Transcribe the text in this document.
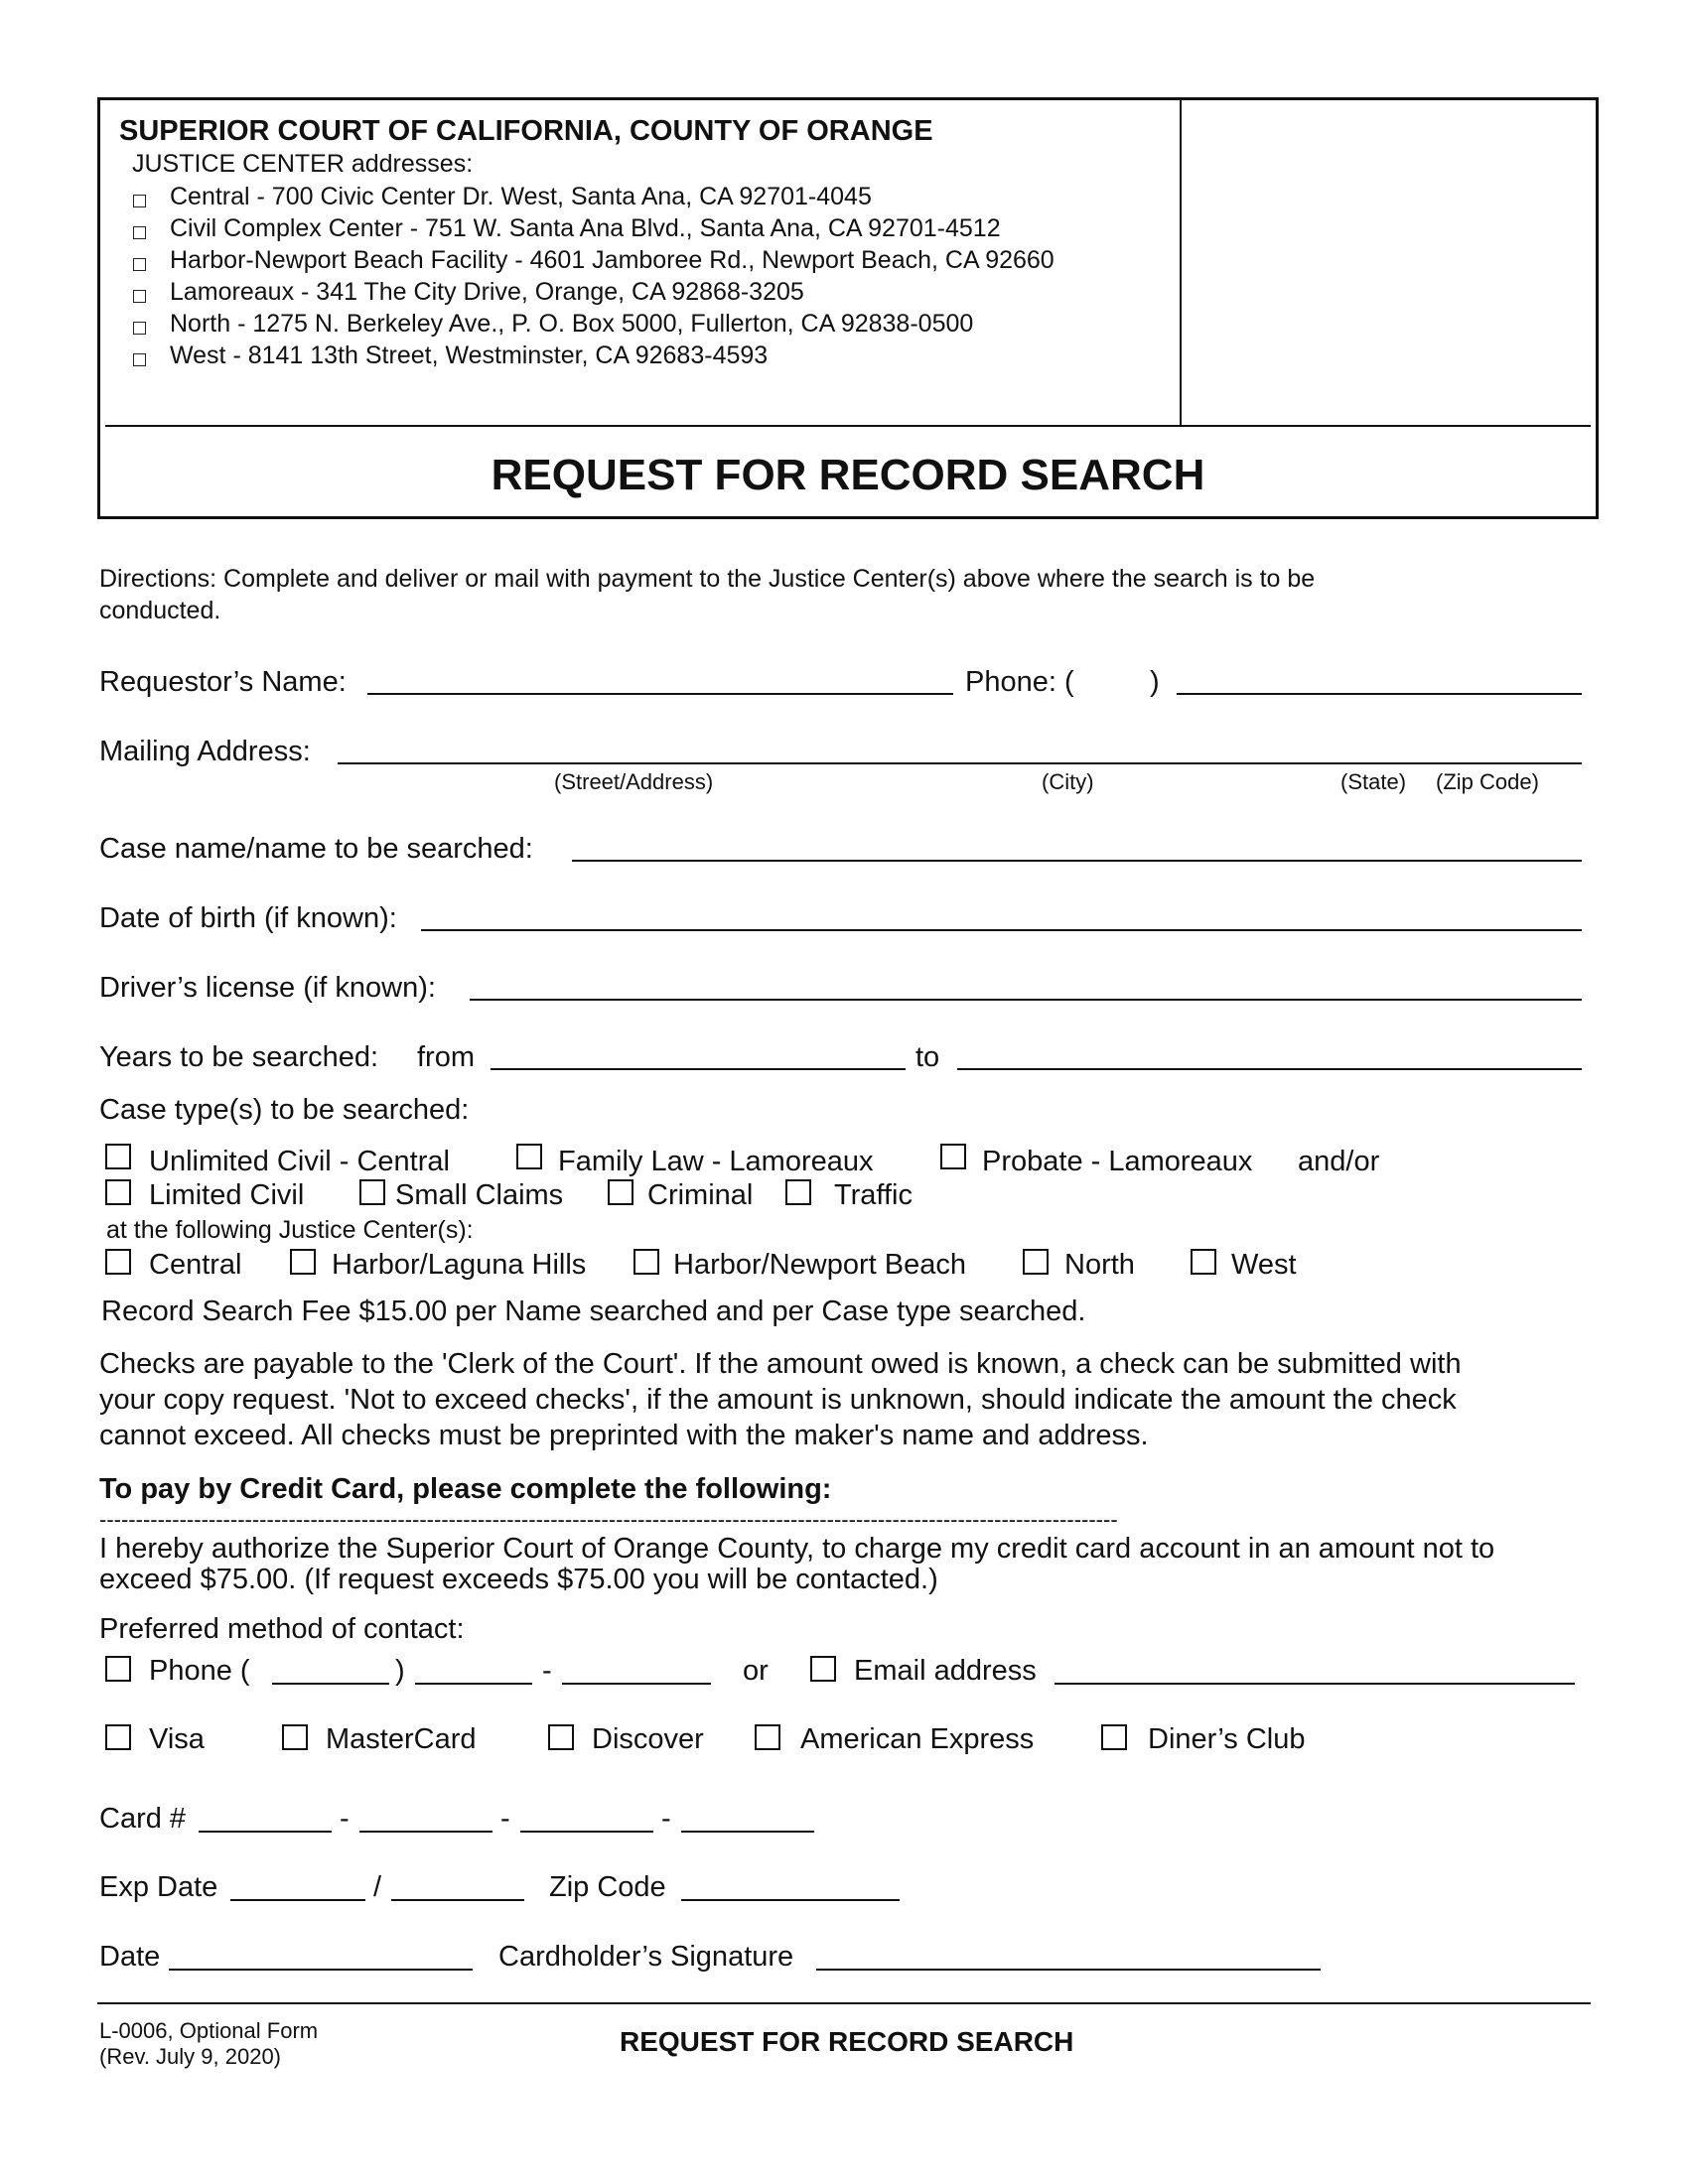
SUPERIOR COURT OF CALIFORNIA, COUNTY OF ORANGE
JUSTICE CENTER addresses:
Central - 700 Civic Center Dr. West, Santa Ana, CA 92701-4045
Civil Complex Center - 751 W. Santa Ana Blvd., Santa Ana, CA 92701-4512
Harbor-Newport Beach Facility - 4601 Jamboree Rd., Newport Beach, CA 92660
Lamoreaux - 341 The City Drive, Orange, CA 92868-3205
North - 1275 N. Berkeley Ave., P. O. Box 5000, Fullerton, CA 92838-0500
West - 8141 13th Street, Westminster, CA 92683-4593
REQUEST FOR RECORD SEARCH
Directions: Complete and deliver or mail with payment to the Justice Center(s) above where the search is to be
conducted.
Requestor’s Name:	Phone: (	)
Mailing Address:
(Street/Address)	(City)	(State) (Zip Code)
Case name/name to be searched:
Date of birth (if known):
Driver’s license (if known):
Years to be searched: from	to
Case type(s) to be searched:
Unlimited Civil - Central	Family Law - Lamoreaux	Probate - Lamoreaux and/or
Limited Civil	Small Claims	Criminal	Traffic
at the following Justice Center(s):
Central	Harbor/Laguna Hills	Harbor/Newport Beach	North	West
Record Search Fee $15.00 per Name searched and per Case type searched.
Checks are payable to the 'Clerk of the Court'. If the amount owed is known, a check can be submitted with
your copy request. 'Not to exceed checks', if the amount is unknown, should indicate the amount the check
cannot exceed. All checks must be preprinted with the maker's name and address.
To pay by Credit Card, please complete the following:
--------------------------------------------------------------------------------------------------------------------------------------------
I hereby authorize the Superior Court of Orange County, to charge my credit card account in an amount not to
exceed $75.00. (If request exceeds $75.00 you will be contacted.)
Preferred method of contact:
Phone (	)	-	or	Email address
Visa	MasterCard	Discover	American Express	Diner’s Club
Card #	-	-	-
Exp Date	/	Zip Code
Date	Cardholder’s Signature
L-0006, Optional Form
(Rev. July 9, 2020)	REQUEST FOR RECORD SEARCH
